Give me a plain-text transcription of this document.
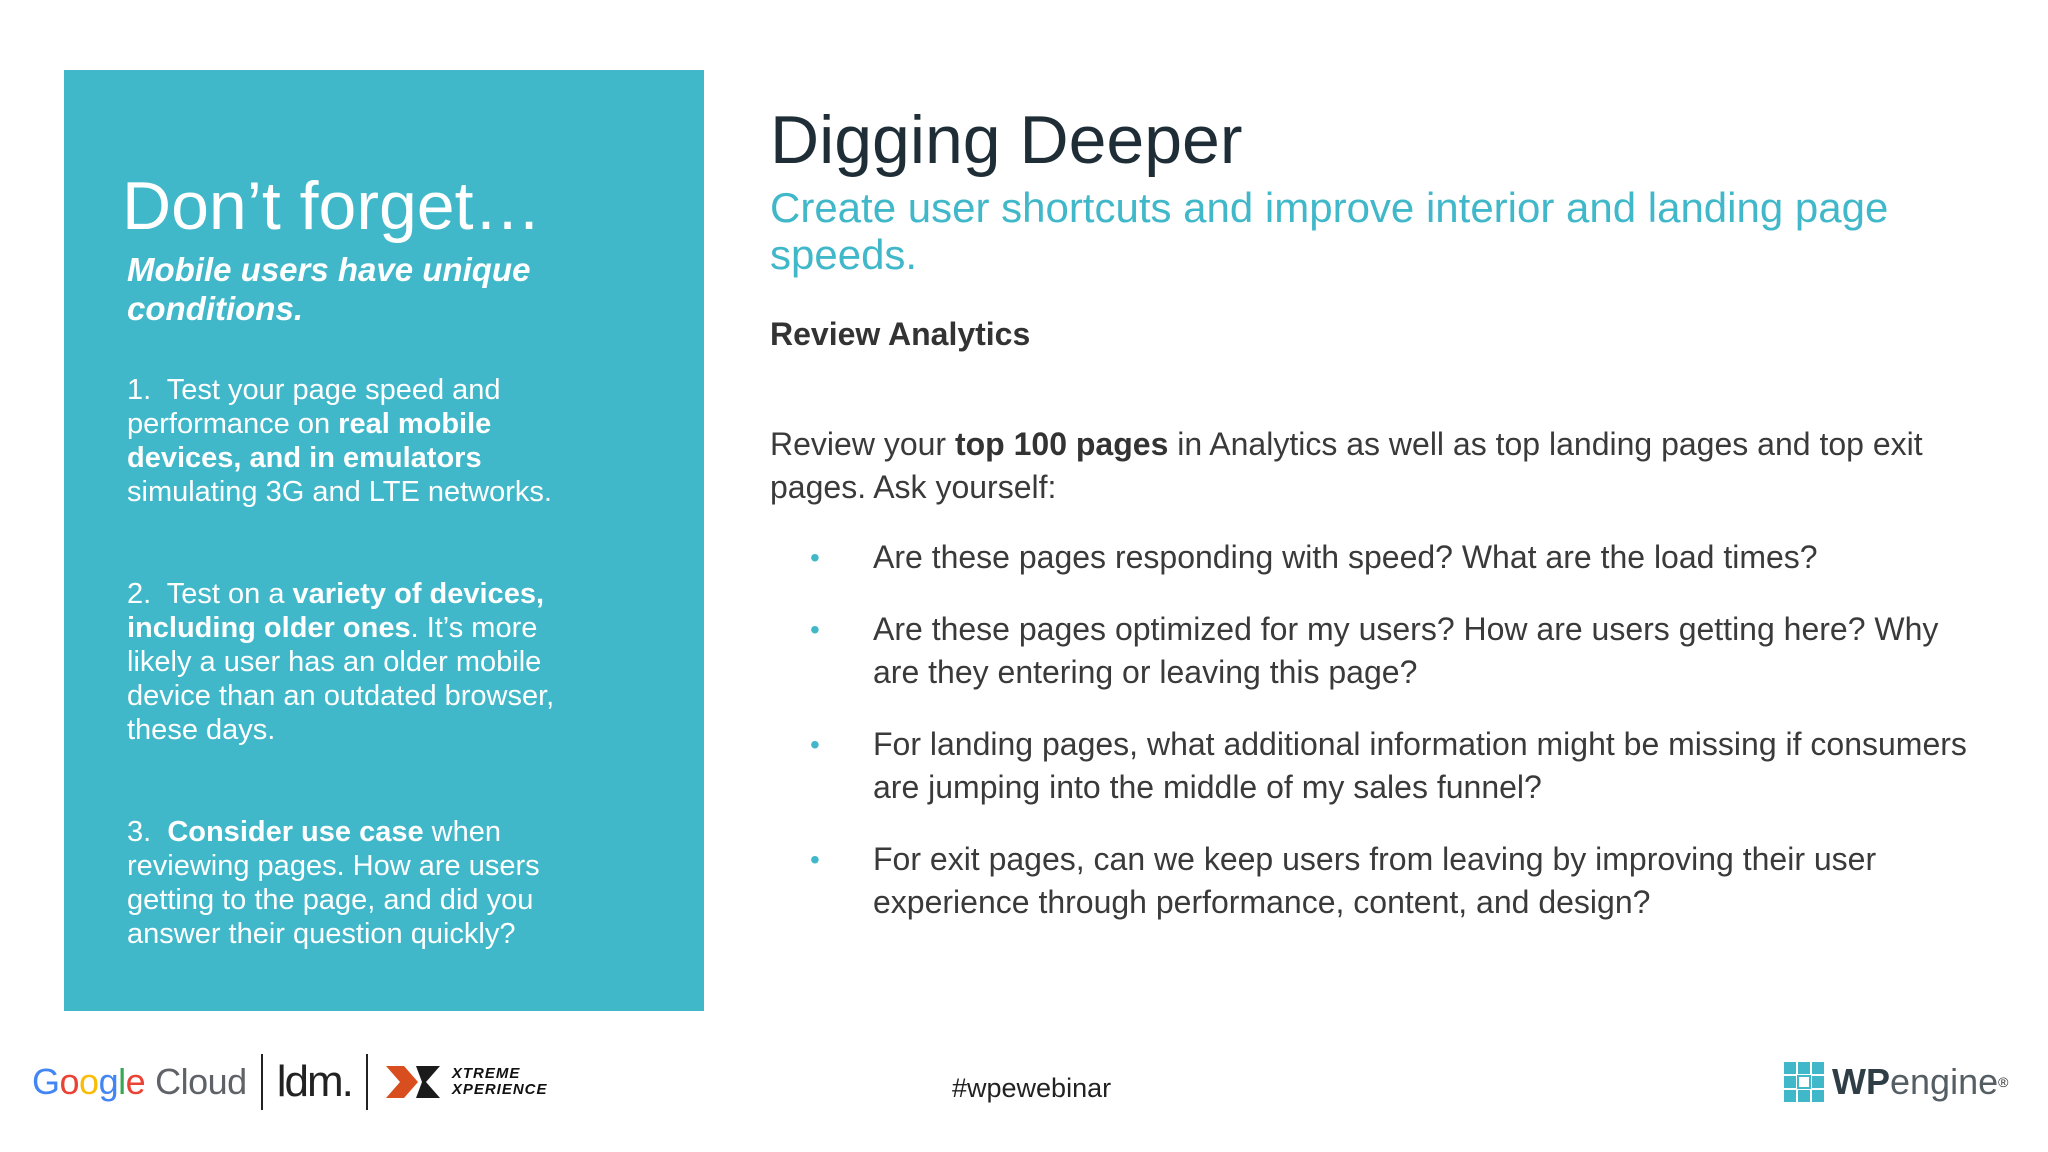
Don’t forget…

Mobile users have unique conditions.

1. Test your page speed and performance on real mobile devices, and in emulators simulating 3G and LTE networks.

2. Test on a variety of devices, including older ones. It’s more likely a user has an older mobile device than an outdated browser, these days.

3. Consider use case when reviewing pages. How are users getting to the page, and did you answer their question quickly?

Digging Deeper

Create user shortcuts and improve interior and landing page speeds.

Review Analytics

Review your top 100 pages in Analytics as well as top landing pages and top exit pages. Ask yourself:

• Are these pages responding with speed? What are the load times?
• Are these pages optimized for my users? How are users getting here? Why are they entering or leaving this page?
• For landing pages, what additional information might be missing if consumers are jumping into the middle of my sales funnel?
• For exit pages, can we keep users from leaving by improving their user experience through performance, content, and design?
Google Cloud ldm.	XTREME
XPERIENCE	#wpewebinar	WPengine®
